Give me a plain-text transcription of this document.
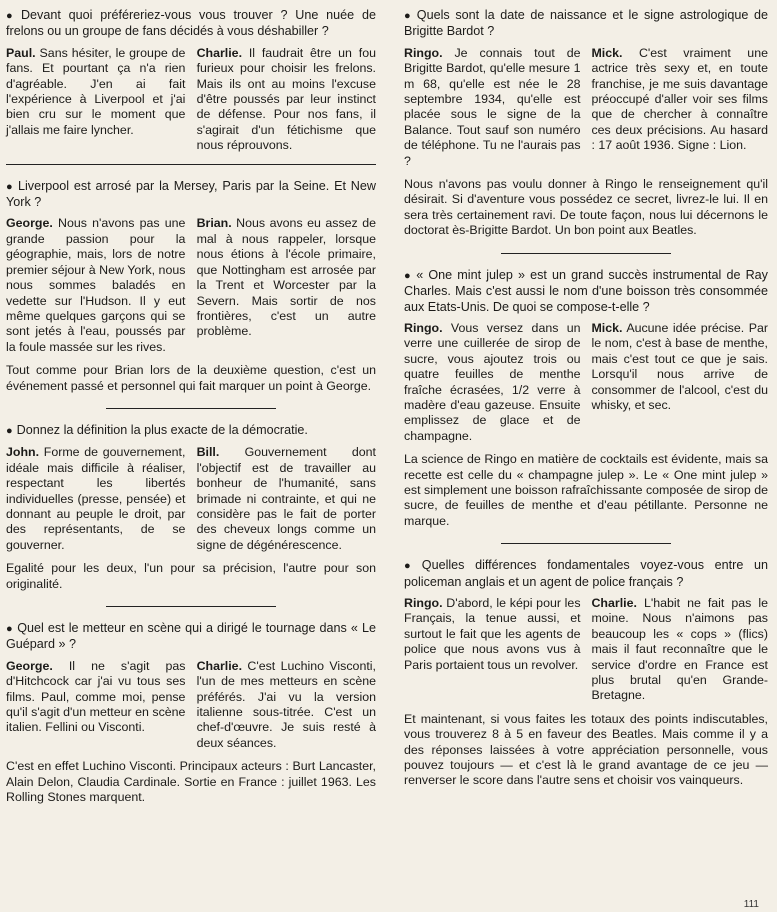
● Devant quoi préféreriez-vous vous trouver ? Une nuée de frelons ou un groupe de fans décidés à vous déshabiller ?

Paul. Sans hésiter, le groupe de fans. Et pourtant ça n'a rien d'agréable. J'en ai fait l'expérience à Liverpool et j'ai bien cru sur le moment que j'allais me faire lyncher.
Charlie. Il faudrait être un fou furieux pour choisir les frelons. Mais ils ont au moins l'excuse d'être poussés par leur instinct de défense. Pour nos fans, il s'agirait d'un fétichisme que nous réprouvons.

● Liverpool est arrosé par la Mersey, Paris par la Seine. Et New York ?

George. Nous n'avons pas une grande passion pour la géographie, mais, lors de notre premier séjour à New York, nous nous sommes baladés en vedette sur l'Hudson. Il y eut même quelques garçons qui se sont jetés à l'eau, poussés par la foule massée sur les rives.
Brian. Nous avons eu assez de mal à nous rappeler, lorsque nous étions à l'école primaire, que Nottingham est arrosée par la Trent et Worcester par la Severn. Mais sortir de nos frontières, c'est un autre problème.

Tout comme pour Brian lors de la deuxième question, c'est un événement passé et personnel qui fait marquer un point à George.

● Donnez la définition la plus exacte de la démocratie.

John. Forme de gouvernement, idéale mais difficile à réaliser, respectant les libertés individuelles (presse, pensée) et donnant au peuple le droit, par des représentants, de se gouverner.
Bill. Gouvernement dont l'objectif est de travailler au bonheur de l'humanité, sans brimade ni contrainte, et qui ne considère pas le fait de porter des cheveux longs comme un signe de dégénérescence.

Egalité pour les deux, l'un pour sa précision, l'autre pour son originalité.

● Quel est le metteur en scène qui a dirigé le tournage dans « Le Guépard » ?

George. Il ne s'agit pas d'Hitchcock car j'ai vu tous ses films. Paul, comme moi, pense qu'il s'agit d'un metteur en scène italien. Fellini ou Visconti.
Charlie. C'est Luchino Visconti, l'un de mes metteurs en scène préférés. J'ai vu la version italienne sous-titrée. C'est un chef-d'œuvre. Je suis resté à deux séances.

C'est en effet Luchino Visconti. Principaux acteurs : Burt Lancaster, Alain Delon, Claudia Cardinale. Sortie en France : juillet 1963. Les Rolling Stones marquent.

● Quels sont la date de naissance et le signe astrologique de Brigitte Bardot ?

Ringo. Je connais tout de Brigitte Bardot, qu'elle mesure 1 m 68, qu'elle est née le 28 septembre 1934, qu'elle est placée sous le signe de la Balance. Tout sauf son numéro de téléphone. Tu ne l'aurais pas ?
Mick. C'est vraiment une actrice très sexy et, en toute franchise, je me suis davantage préoccupé d'aller voir ses films que de chercher à connaître ces deux précisions. Au hasard : 17 août 1936. Signe : Lion.

Nous n'avons pas voulu donner à Ringo le renseignement qu'il désirait. Si d'aventure vous possédez ce secret, livrez-le lui. Il en sera très certainement ravi. De toute façon, nous lui décernons le doctorat ès-Brigitte Bardot. Un bon point aux Beatles.

● « One mint julep » est un grand succès instrumental de Ray Charles. Mais c'est aussi le nom d'une boisson très consommée aux Etats-Unis. De quoi se compose-t-elle ?

Ringo. Vous versez dans un verre une cuillerée de sirop de sucre, vous ajoutez trois ou quatre feuilles de menthe fraîche écrasées, 1/2 verre à madère d'eau gazeuse. Ensuite emplissez de glace et de champagne.
Mick. Aucune idée précise. Par le nom, c'est à base de menthe, mais c'est tout ce que je sais. Lorsqu'il nous arrive de consommer de l'alcool, c'est du whisky, et sec.

La science de Ringo en matière de cocktails est évidente, mais sa recette est celle du « champagne julep ». Le « One mint julep » est simplement une boisson rafraîchissante composée de sirop de sucre, de feuilles de menthe et d'eau pétillante. Personne ne marque.

● Quelles différences fondamentales voyez-vous entre un policeman anglais et un agent de police français ?

Ringo. D'abord, le képi pour les Français, la tenue aussi, et surtout le fait que les agents de police que nous avons vus à Paris portaient tous un revolver.
Charlie. L'habit ne fait pas le moine. Nous n'aimons pas beaucoup les « cops » (flics) mais il faut reconnaître que le service d'ordre en France est plus brutal qu'en Grande-Bretagne.

Et maintenant, si vous faites les totaux des points indiscutables, vous trouverez 8 à 5 en faveur des Beatles. Mais comme il y a des réponses laissées à votre appréciation personnelle, vous pouvez toujours — et c'est là le grand avantage de ce jeu — renverser le score dans l'autre sens et choisir vos vainqueurs.

111
